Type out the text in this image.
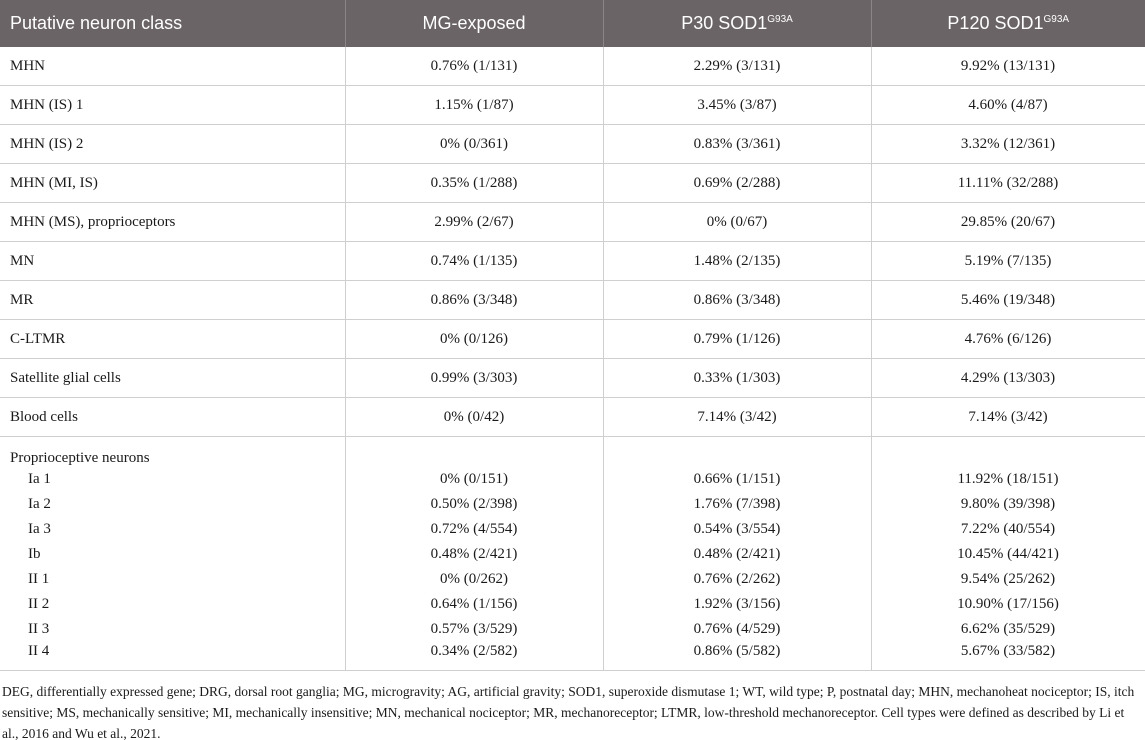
Putative neuron class	MG-exposed	P30 $SOD1^{G93A}$	P120 $SOD1^{G93A}$
MHN	0.76% (1/131)	2.29% (3/131)	9.92% (13/131)
MHN (IS) 1	1.15% (1/87)	3.45% (3/87)	4.60% (4/87)
MHN (IS) 2	0% (0/361)	0.83% (3/361)	3.32% (12/361)
MHN (MI, IS)	0.35% (1/288)	0.69% (2/288)	11.11% (32/288)
MHN (MS), proprioceptors	2.99% (2/67)	0% (0/67)	29.85% (20/67)
MN	0.74% (1/135)	1.48% (2/135)	5.19% (7/135)
MR	0.86% (3/348)	0.86% (3/348)	5.46% (19/348)
C-LTMR	0% (0/126)	0.79% (1/126)	4.76% (6/126)
Satellite glial cells	0.99% (3/303)	0.33% (1/303)	4.29% (13/303)
Blood cells	0% (0/42)	7.14% (3/42)	7.14% (3/42)
Proprioceptive neurons			
Ia 1	0% (0/151)	0.66% (1/151)	11.92% (18/151)
Ia 2	0.50% (2/398)	1.76% (7/398)	9.80% (39/398)
Ia 3	0.72% (4/554)	0.54% (3/554)	7.22% (40/554)
Ib	0.48% (2/421)	0.48% (2/421)	10.45% (44/421)
II 1	0% (0/262)	0.76% (2/262)	9.54% (25/262)
II 2	0.64% (1/156)	1.92% (3/156)	10.90% (17/156)
II 3	0.57% (3/529)	0.76% (4/529)	6.62% (35/529)
II 4	0.34% (2/582)	0.86% (5/582)	5.67% (33/582)
DEG, differentially expressed gene; DRG, dorsal root ganglia; MG, microgravity; AG, artificial gravity; SOD1, superoxide dismutase 1; WT, wild type; P, postnatal day; MHN, mechanoheat nociceptor; IS, itch sensitive; MS, mechanically sensitive; MI, mechanically insensitive; MN, mechanical nociceptor; MR, mechanoreceptor; LTMR, low-threshold mechanoreceptor. Cell types were defined as described by Li et al., 2016 and Wu et al., 2021.
